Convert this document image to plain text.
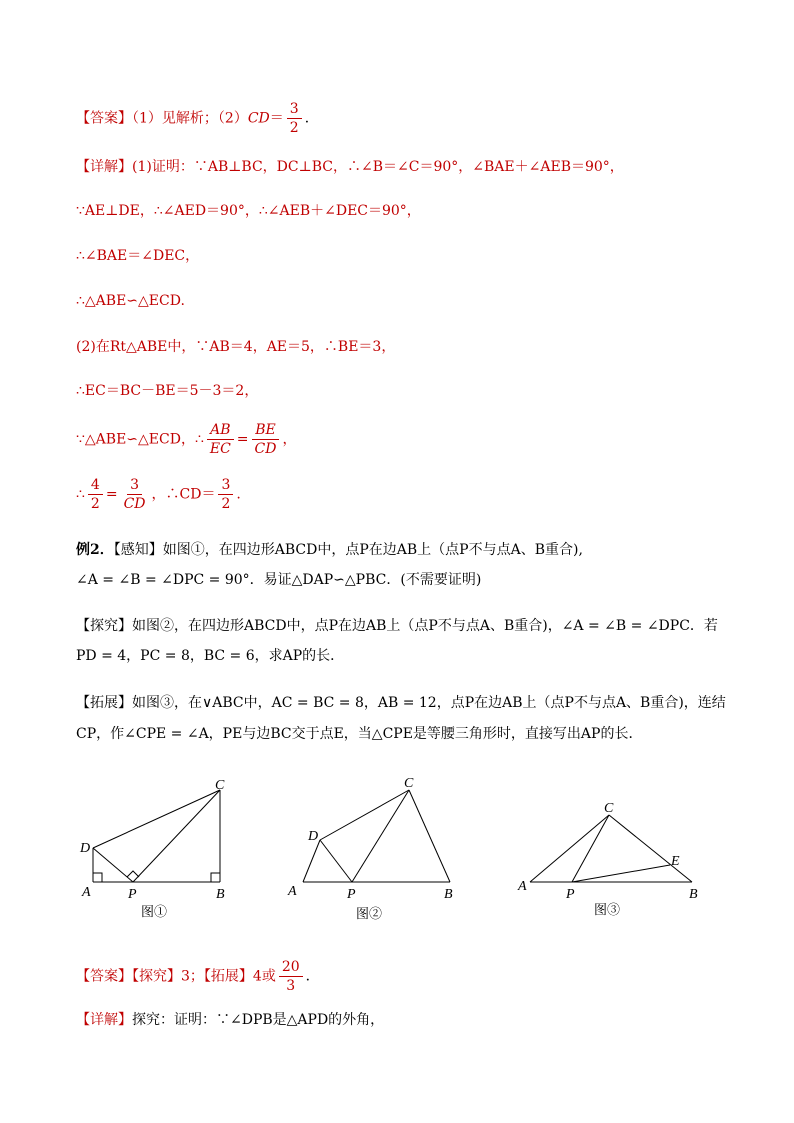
【答案】（1）见解析；$(2)CD= \frac{3}{2}$ ．
【详解】(1)证明：∵AB⊥BC，DC⊥BC，∴∠B＝∠C＝90°，∠BAE＋∠AEB＝90°，
∵AE⊥DE，∴∠AED＝90°，∴∠AEB＋∠DEC＝90°，
∴∠BAE＝∠DEC，
∴△ABE∽△ECD.
(2)在Rt△ABE中，∵AB＝4，AE＝5，∴BE＝3，
∴EC＝BC－BE＝5－3＝2，
∵△ABE∽△ECD，∴ $\frac{AB}{EC} = \frac{BE}{CD}$ ，
∴ $\frac{4}{2} = \frac{3}{CD}$ ，∴CD＝ $\frac{3}{2}$ .
例2．【感知】如图①，在四边形ABCD中，点P在边AB上（点P不与点A、B重合),
∠A = ∠B = ∠DPC = 90°．易证△DAP∽△PBC．(不需要证明)
【探究】如图②，在四边形ABCD中，点P在边AB上（点P不与点A、B重合)，∠A = ∠B = ∠DPC．若
PD = 4，PC = 8，BC = 6，求AP的长．
【拓展】如图③，在∨ABC中，AC = BC = 8，AB = 12，点P在边AB上（点P不与点A、B重合)，连结
CP，作∠CPE = ∠A，PE与边BC交于点E，当△CPE是等腰三角形时，直接写出AP的长．
D
A	P	B
C
D
A	P	B
C
C
E
A
P	B
图①	图②	图③
【答案】【探究】3；【拓展】4或 $\frac{20}{3}$ ．
【详解】探究：证明：∵∠DPB是△APD的外角，
